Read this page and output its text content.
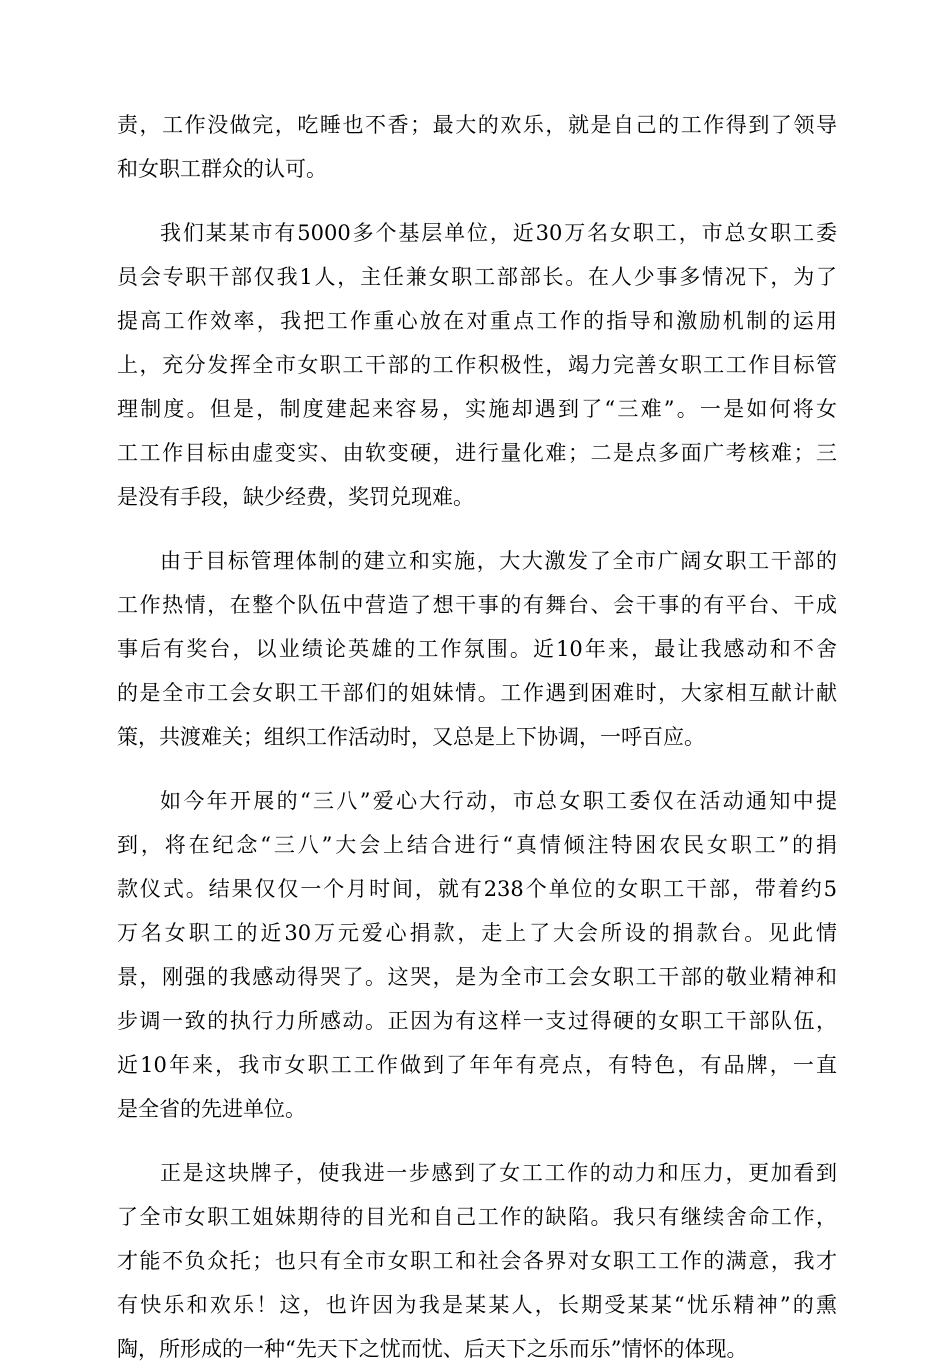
责，工作没做完，吃睡也不香；最大的欢乐，就是自己的工作得到了领导
和女职工群众的认可。
我们某某市有5000多个基层单位，近30万名女职工，市总女职工委
员会专职干部仅我1人，主任兼女职工部部长。在人少事多情况下，为了
提高工作效率，我把工作重心放在对重点工作的指导和激励机制的运用
上，充分发挥全市女职工干部的工作积极性，竭力完善女职工工作目标管
理制度。但是，制度建起来容易，实施却遇到了“三难”。一是如何将女
工工作目标由虚变实、由软变硬，进行量化难；二是点多面广考核难；三
是没有手段，缺少经费，奖罚兑现难。
由于目标管理体制的建立和实施，大大激发了全市广阔女职工干部的
工作热情，在整个队伍中营造了想干事的有舞台、会干事的有平台、干成
事后有奖台，以业绩论英雄的工作氛围。近10年来，最让我感动和不舍
的是全市工会女职工干部们的姐妹情。工作遇到困难时，大家相互献计献
策，共渡难关；组织工作活动时，又总是上下协调，一呼百应。
如今年开展的“三八”爱心大行动，市总女职工委仅在活动通知中提
到，将在纪念“三八”大会上结合进行“真情倾注特困农民女职工”的捐
款仪式。结果仅仅一个月时间，就有238个单位的女职工干部，带着约5
万名女职工的近30万元爱心捐款，走上了大会所设的捐款台。见此情
景，刚强的我感动得哭了。这哭，是为全市工会女职工干部的敬业精神和
步调一致的执行力所感动。正因为有这样一支过得硬的女职工干部队伍，
近10年来，我市女职工工作做到了年年有亮点，有特色，有品牌，一直
是全省的先进单位。
正是这块牌子，使我进一步感到了女工工作的动力和压力，更加看到
了全市女职工姐妹期待的目光和自己工作的缺陷。我只有继续舍命工作，
才能不负众托；也只有全市女职工和社会各界对女职工工作的满意，我才
有快乐和欢乐！这，也许因为我是某某人，长期受某某“忧乐精神”的熏
陶，所形成的一种“先天下之忧而忧、后天下之乐而乐”情怀的体现。
